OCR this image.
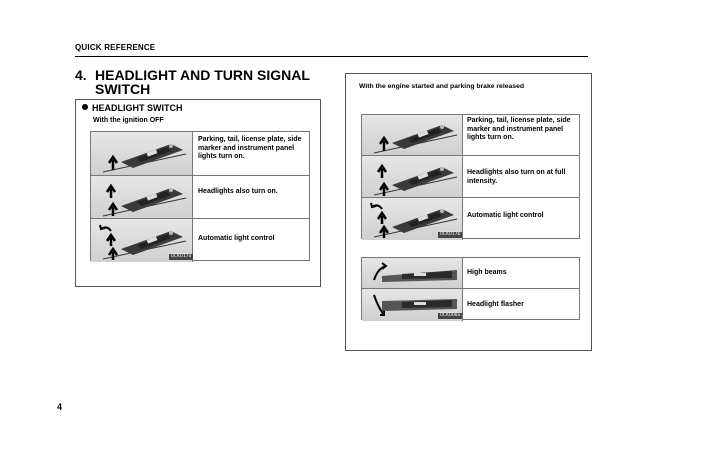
QUICK REFERENCE
4. HEADLIGHT AND TURN SIGNAL
SWITCH
HEADLIGHT SWITCH
With the ignition OFF
Parking, tail, license plate, side marker and instrument panel lights turn on.
Headlights also turn on.
Automatic light control
0CK017a
With the engine started and parking brake released
Parking, tail, license plate, side marker and instrument panel lights turn on.
Headlights also turn on at full intensity.
Automatic light control
0CK017b
High beams
Headlight flasher
0CK008a
4
